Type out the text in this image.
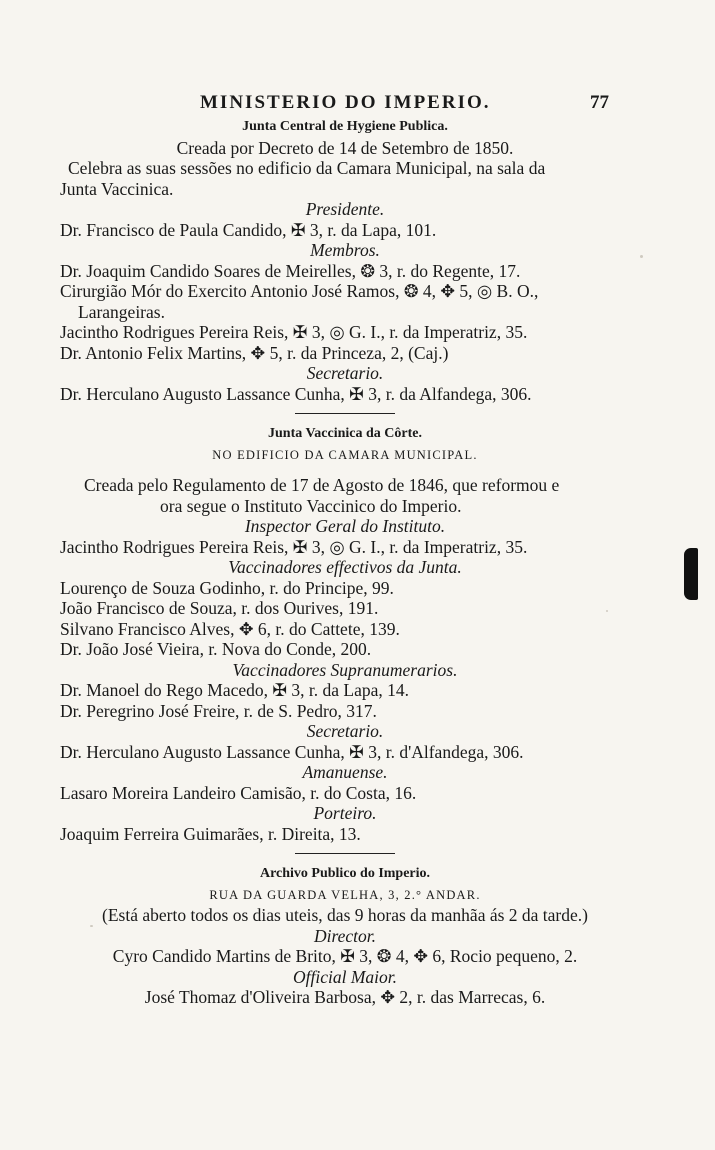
MINISTERIO DO IMPERIO.	77
Junta Central de Hygiene Publica.
Creada por Decreto de 14 de Setembro de 1850.
Celebra as suas sessões no edificio da Camara Municipal, na sala da
Junta Vaccinica.
Presidente.
Dr. Francisco de Paula Candido, ✠ 3, r. da Lapa, 101.
Membros.
Dr. Joaquim Candido Soares de Meirelles, ❂ 3, r. do Regente, 17.
Cirurgião Mór do Exercito Antonio José Ramos, ❂ 4, ✥ 5, ◎ B. O.,
Larangeiras.
Jacintho Rodrigues Pereira Reis, ✠ 3, ◎ G. I., r. da Imperatriz, 35.
Dr. Antonio Felix Martins, ✥ 5, r. da Princeza, 2, (Caj.)
Secretario.
Dr. Herculano Augusto Lassance Cunha, ✠ 3, r. da Alfandega, 306.
Junta Vaccinica da Côrte.
NO EDIFICIO DA CAMARA MUNICIPAL.
Creada pelo Regulamento de 17 de Agosto de 1846, que reformou e
ora segue o Instituto Vaccinico do Imperio.
Inspector Geral do Instituto.
Jacintho Rodrigues Pereira Reis, ✠ 3, ◎ G. I., r. da Imperatriz, 35.
Vaccinadores effectivos da Junta.
Lourenço de Souza Godinho, r. do Principe, 99.
João Francisco de Souza, r. dos Ourives, 191.
Silvano Francisco Alves, ✥ 6, r. do Cattete, 139.
Dr. João José Vieira, r. Nova do Conde, 200.
Vaccinadores Supranumerarios.
Dr. Manoel do Rego Macedo, ✠ 3, r. da Lapa, 14.
Dr. Peregrino José Freire, r. de S. Pedro, 317.
Secretario.
Dr. Herculano Augusto Lassance Cunha, ✠ 3, r. d'Alfandega, 306.
Amanuense.
Lasaro Moreira Landeiro Camisão, r. do Costa, 16.
Porteiro.
Joaquim Ferreira Guimarães, r. Direita, 13.
Archivo Publico do Imperio.
RUA DA GUARDA VELHA, 3, 2.° ANDAR.
(Está aberto todos os dias uteis, das 9 horas da manhãa ás 2 da tarde.)
Director.
Cyro Candido Martins de Brito, ✠ 3, ❂ 4, ✥ 6, Rocio pequeno, 2.
Official Maior.
José Thomaz d'Oliveira Barbosa, ✥ 2, r. das Marrecas, 6.
